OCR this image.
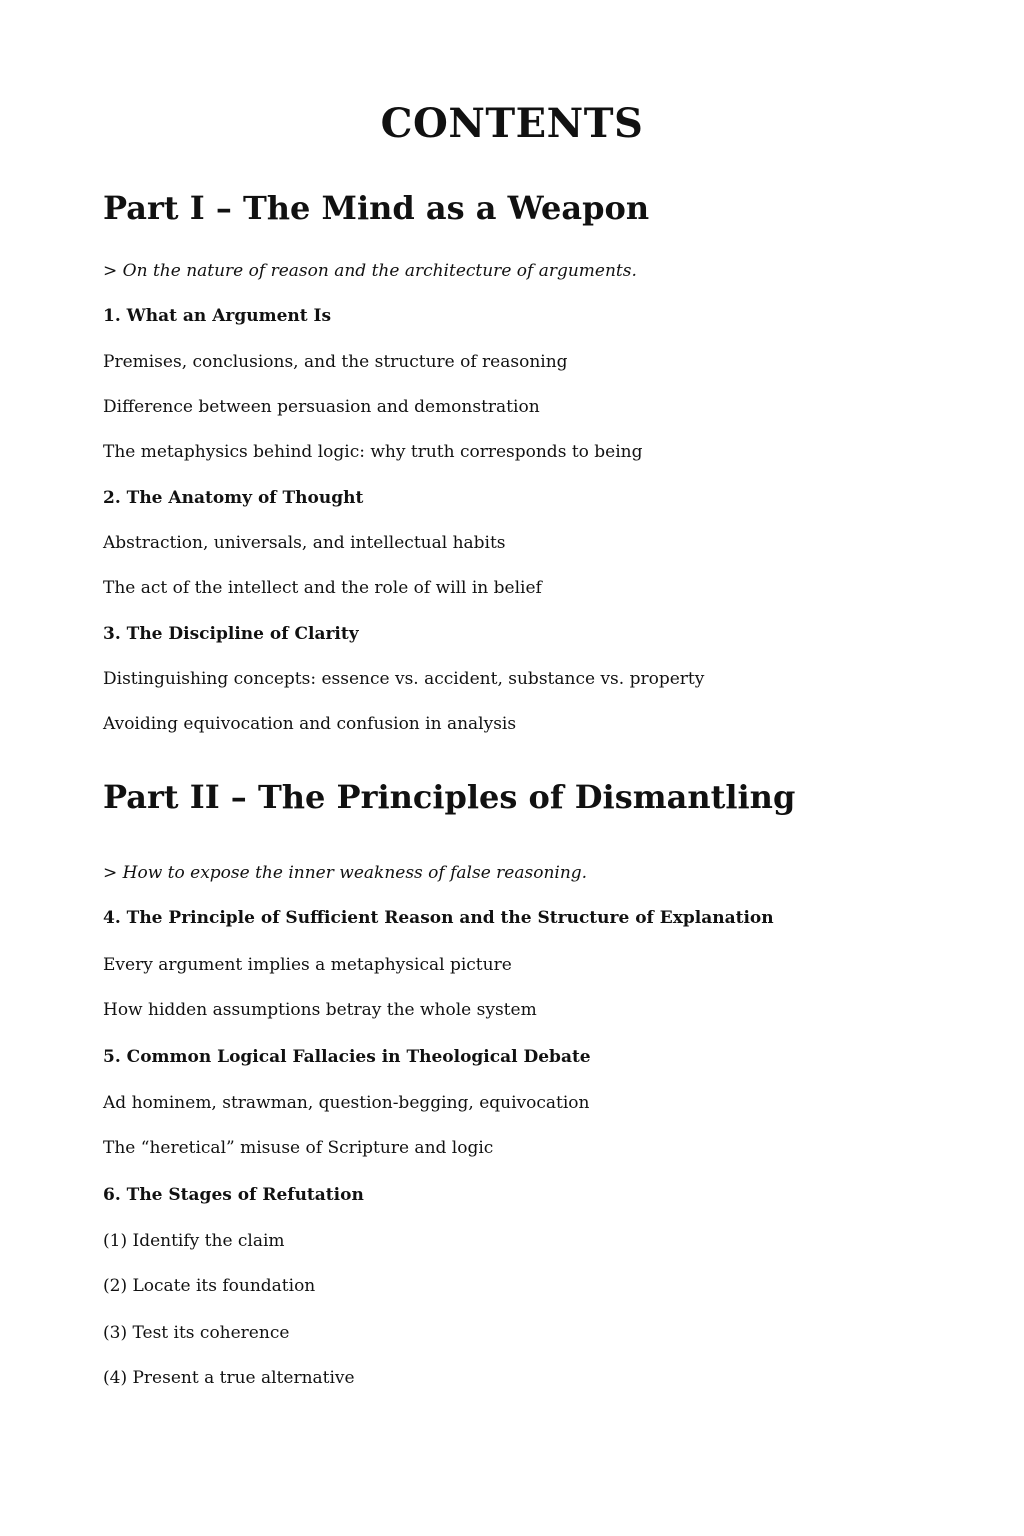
CONTENTS
Part I – The Mind as a Weapon

> On the nature of reason and the architecture of arguments.

1. What an Argument Is

Premises, conclusions, and the structure of reasoning

Difference between persuasion and demonstration

The metaphysics behind logic: why truth corresponds to being

2. The Anatomy of Thought

Abstraction, universals, and intellectual habits

The act of the intellect and the role of will in belief

3. The Discipline of Clarity

Distinguishing concepts: essence vs. accident, substance vs. property

Avoiding equivocation and confusion in analysis

Part II – The Principles of Dismantling

> How to expose the inner weakness of false reasoning.

4. The Principle of Sufficient Reason and the Structure of Explanation

Every argument implies a metaphysical picture

How hidden assumptions betray the whole system

5. Common Logical Fallacies in Theological Debate

Ad hominem, strawman, question-begging, equivocation

The “heretical” misuse of Scripture and logic

6. The Stages of Refutation

(1) Identify the claim

(2) Locate its foundation

(3) Test its coherence

(4) Present a true alternative
